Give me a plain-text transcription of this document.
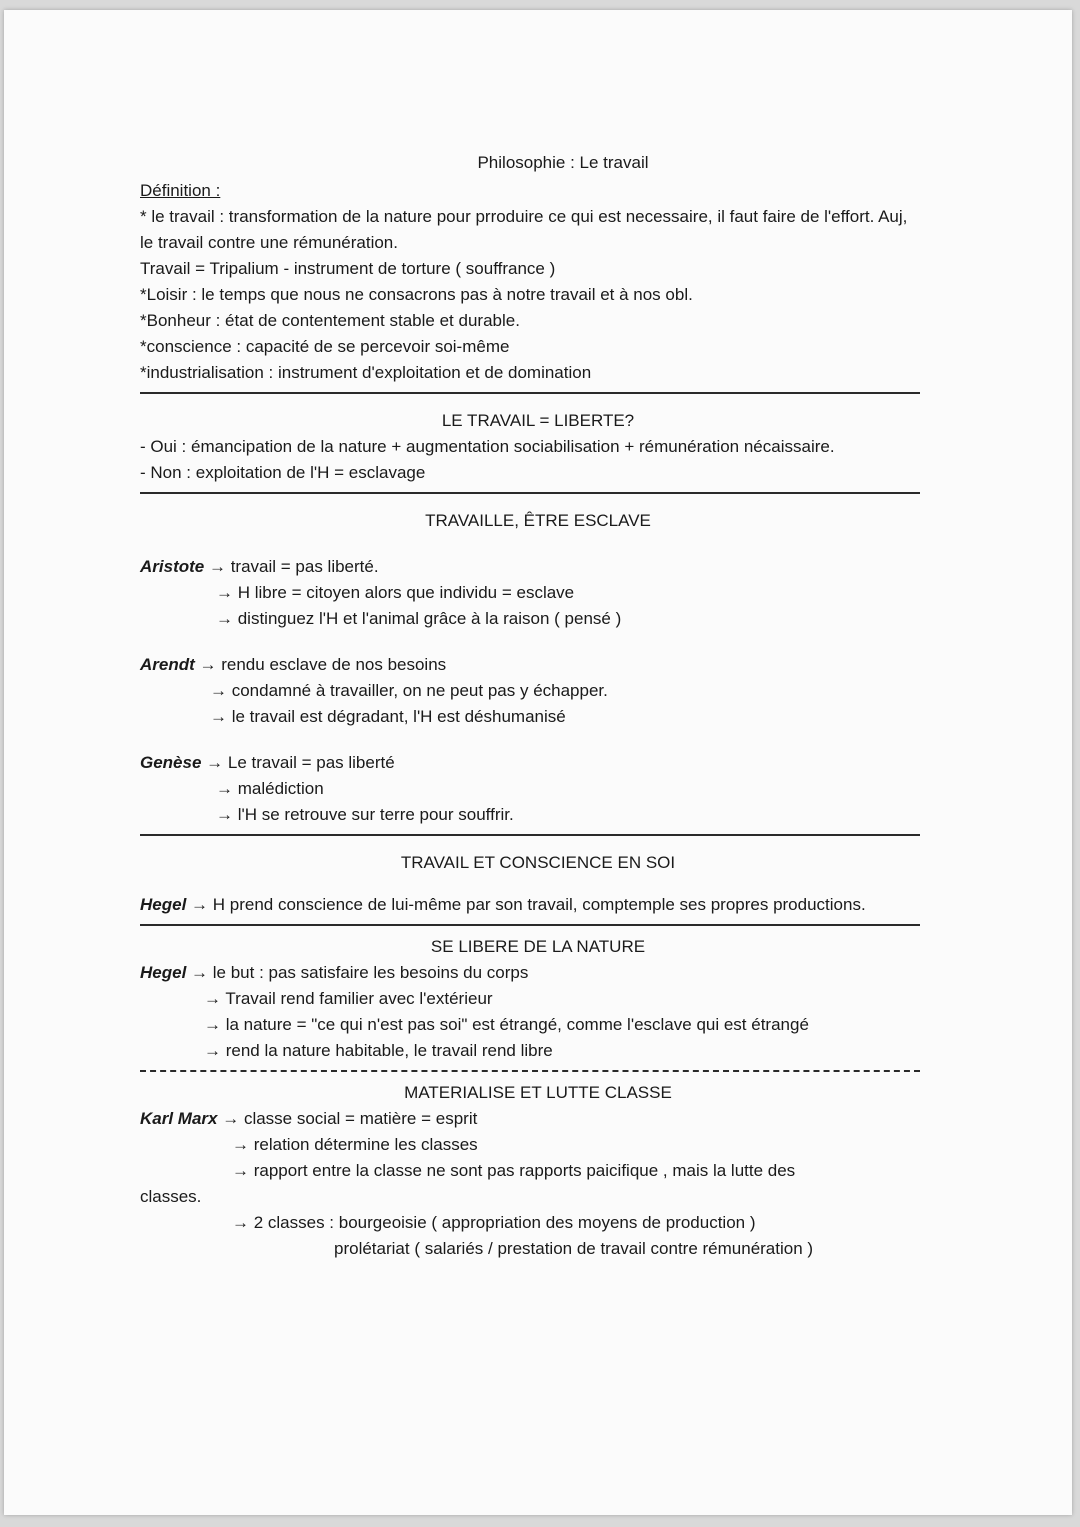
Philosophie : Le travail
Définition :
* le travail : transformation de la nature pour prroduire ce qui est necessaire, il faut faire de l'effort. Auj, le travail contre une rémunération.
Travail = Tripalium - instrument de torture ( souffrance )
*Loisir : le temps que nous ne consacrons pas à notre travail et à nos obl.
*Bonheur : état de contentement stable et durable.
*conscience : capacité de se percevoir soi-même
*industrialisation : instrument d'exploitation et de domination
LE TRAVAIL = LIBERTE?
- Oui : émancipation de la nature + augmentation sociabilisation + rémunération nécaissaire.
- Non : exploitation de l'H = esclavage
TRAVAILLE, ÊTRE ESCLAVE
Aristote → travail = pas liberté.
→ H libre = citoyen alors que individu = esclave
→ distinguez l'H et l'animal grâce à la raison ( pensé )
Arendt → rendu esclave de nos besoins
→ condamné à travailler, on ne peut pas y échapper.
→ le travail est dégradant, l'H est déshumanisé
Genèse → Le travail = pas liberté
→ malédiction
→ l'H se retrouve sur terre pour souffrir.
TRAVAIL ET CONSCIENCE EN SOI
Hegel → H prend conscience de lui-même par son travail, comptemple ses propres productions.
SE LIBERE DE LA NATURE
Hegel → le but : pas satisfaire les besoins du corps
→ Travail rend familier avec l'extérieur
→ la nature = "ce qui n'est pas soi" est étrangé, comme l'esclave qui est étrangé
→ rend la nature habitable, le travail rend libre
MATERIALISE ET LUTTE CLASSE
Karl Marx → classe social = matière = esprit
→ relation détermine les classes
→ rapport entre la classe ne sont pas rapports paicifique , mais la lutte des
classes.
→ 2 classes : bourgeoisie ( appropriation des moyens de production )
prolétariat ( salariés / prestation de travail contre rémunération )
